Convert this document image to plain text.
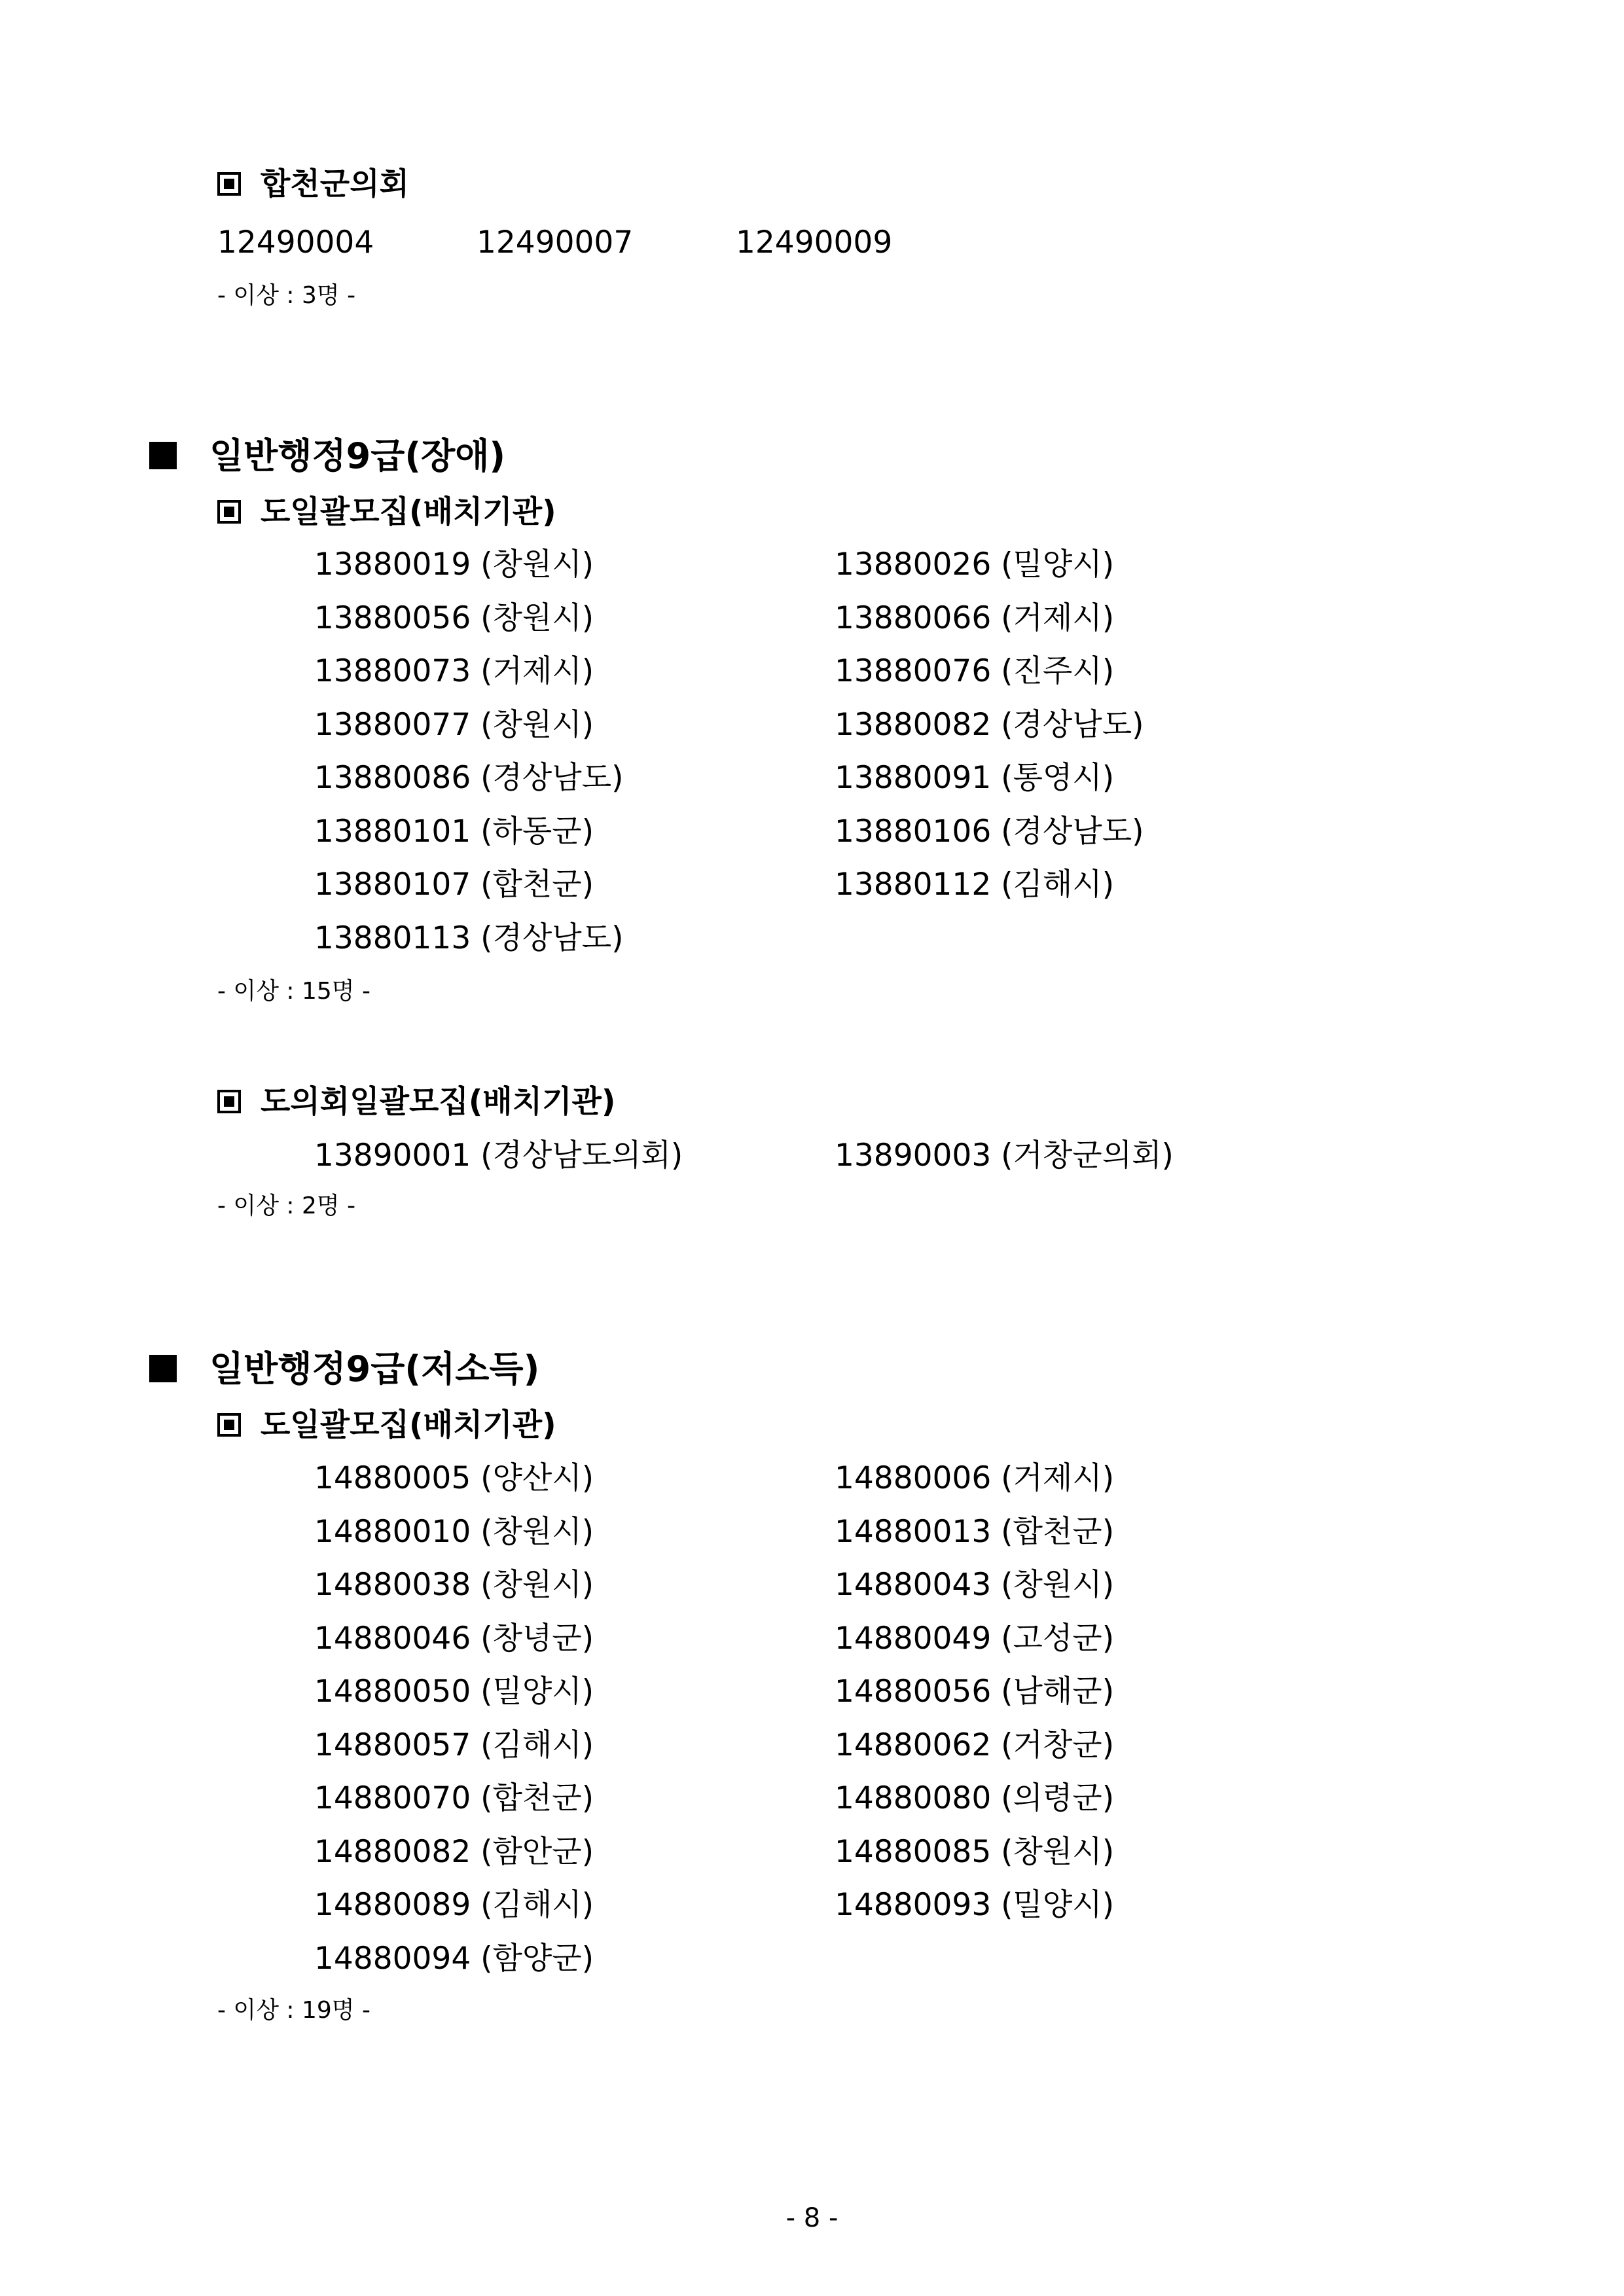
합천군의회
12490004	12490007	12490009
- 이상 : 3명 -
일반행정9급(장애)
도일괄모집(배치기관)
13880019 (창원시)	13880026 (밀양시)
13880056 (창원시)	13880066 (거제시)
13880073 (거제시)	13880076 (진주시)
13880077 (창원시)	13880082 (경상남도)
13880086 (경상남도)	13880091 (통영시)
13880101 (하동군)	13880106 (경상남도)
13880107 (합천군)	13880112 (김해시)
13880113 (경상남도)
- 이상 : 15명 -
도의회일괄모집(배치기관)
13890001 (경상남도의회)	13890003 (거창군의회)
- 이상 : 2명 -
일반행정9급(저소득)
도일괄모집(배치기관)
14880005 (양산시)	14880006 (거제시)
14880010 (창원시)	14880013 (합천군)
14880038 (창원시)	14880043 (창원시)
14880046 (창녕군)	14880049 (고성군)
14880050 (밀양시)	14880056 (남해군)
14880057 (김해시)	14880062 (거창군)
14880070 (합천군)	14880080 (의령군)
14880082 (함안군)	14880085 (창원시)
14880089 (김해시)	14880093 (밀양시)
14880094 (함양군)
- 이상 : 19명 -
- 8 -
